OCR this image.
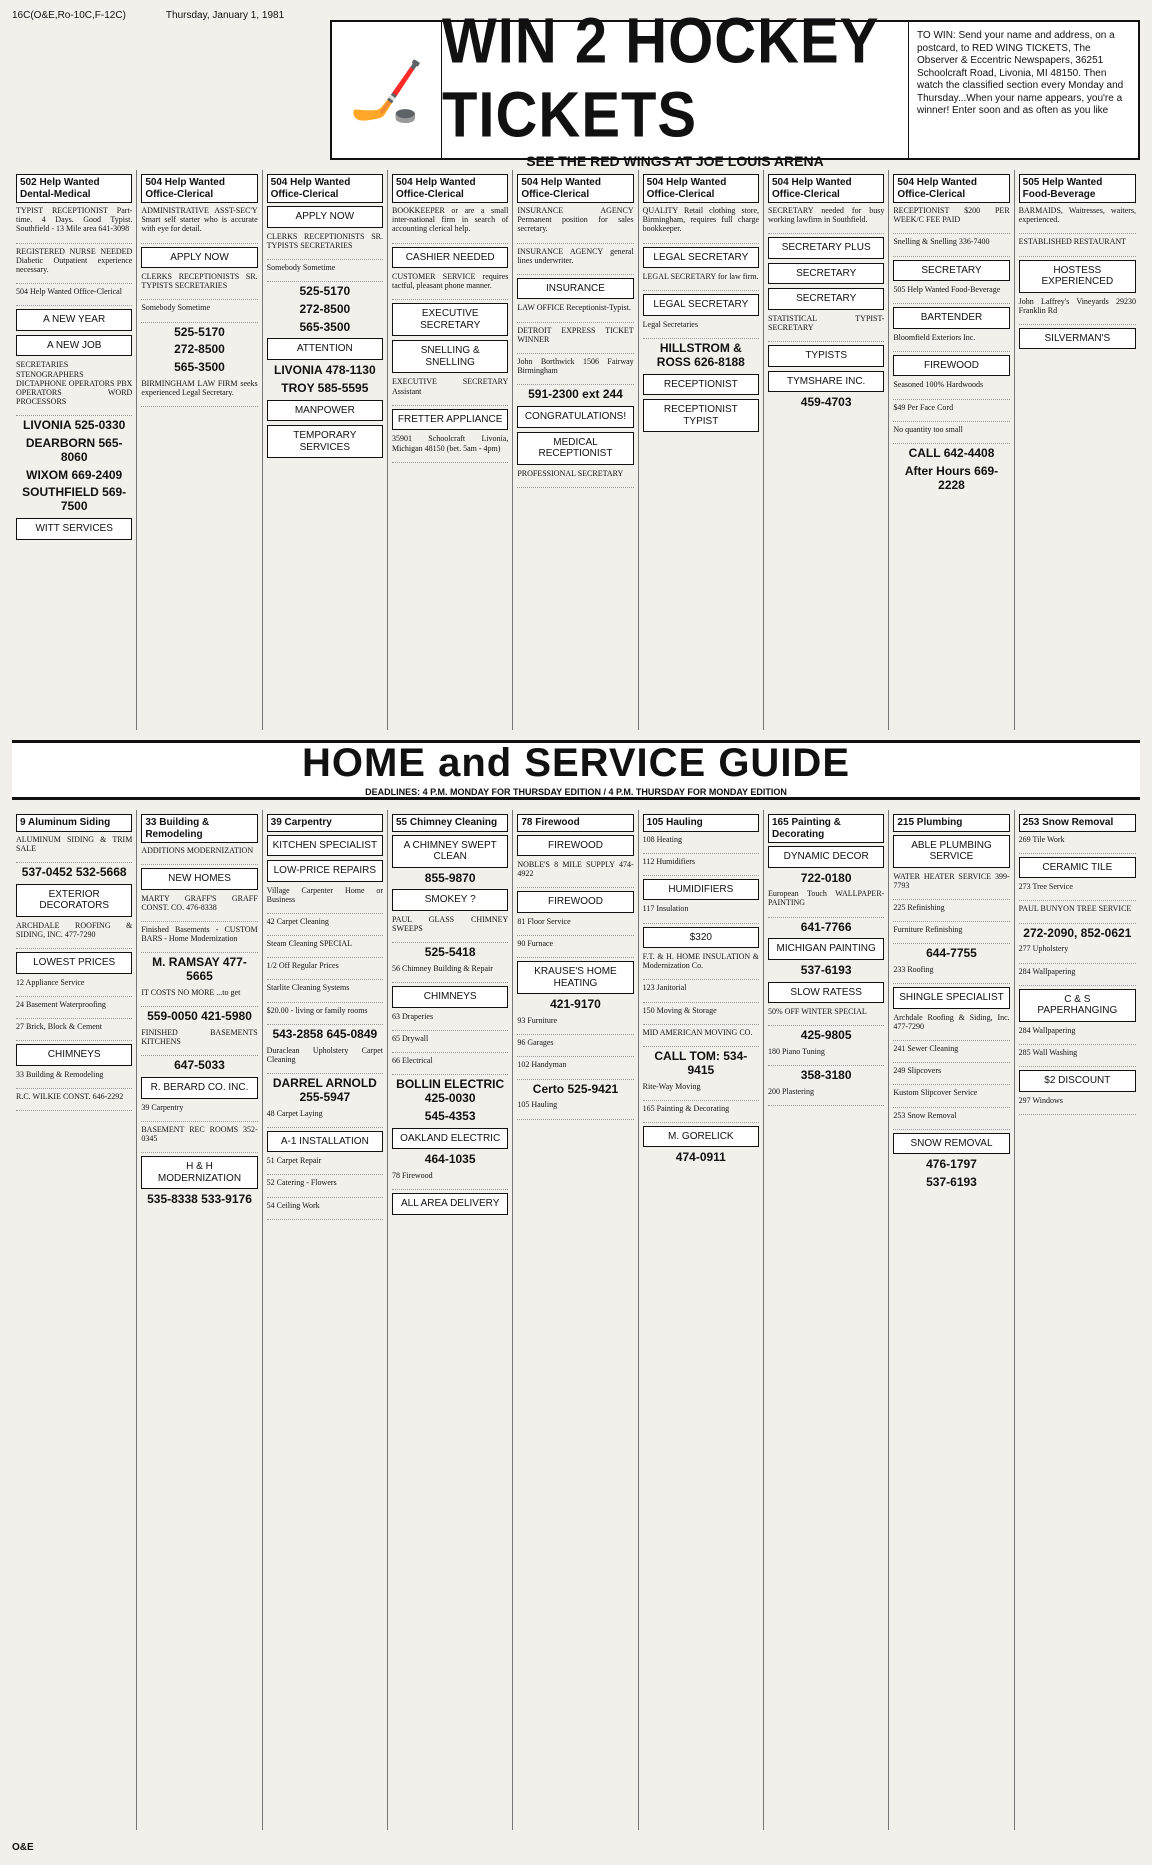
16C(O&E,Ro-10C,F-12C)	Thursday, January 1, 1981
🏒
WIN 2 HOCKEY TICKETS
SEE THE RED WINGS AT JOE LOUIS ARENA
TO WIN: Send your name and address, on a postcard, to RED WING TICKETS, The Observer & Eccentric Newspapers, 36251 Schoolcraft Road, Livonia, MI 48150. Then watch the classified section every Monday and Thursday...When your name appears, you're a winner! Enter soon and as often as you like
502 Help Wanted Dental-Medical
TYPIST RECEPTIONIST Part-time. 4 Days. Good Typist. Southfield - 13 Mile area 641-3098
REGISTERED NURSE NEEDED Diabetic Outpatient experience necessary.
504 Help Wanted Office-Clerical
A NEW YEAR
A NEW JOB
SECRETARIES STENOGRAPHERS DICTAPHONE OPERATORS PBX OPERATORS WORD PROCESSORS
LIVONIA 525-0330
DEARBORN 565-8060
WIXOM 669-2409
SOUTHFIELD 569-7500
WITT SERVICES
504 Help Wanted Office-Clerical
ADMINISTRATIVE ASST-SEC'Y Smart self starter who is accurate with eye for detail.
APPLY NOW
CLERKS RECEPTIONISTS SR. TYPISTS SECRETARIES
Somebody Sometime
525-5170
272-8500
565-3500
BIRMINGHAM LAW FIRM seeks experienced Legal Secretary.
504 Help Wanted Office-Clerical
APPLY NOW
CLERKS RECEPTIONISTS SR. TYPISTS SECRETARIES
Somebody Sometime
525-5170
272-8500
565-3500
ATTENTION
LIVONIA 478-1130
TROY 585-5595
MANPOWER
TEMPORARY SERVICES
504 Help Wanted Office-Clerical
BOOKKEEPER or are a small inter-national firm in search of accounting clerical help.
CASHIER NEEDED
CUSTOMER SERVICE requires tactful, pleasant phone manner.
EXECUTIVE SECRETARY
SNELLING & SNELLING
EXECUTIVE SECRETARY Assistant
FRETTER APPLIANCE
35901 Schoolcraft Livonia, Michigan 48150 (bet. 5am - 4pm)
504 Help Wanted Office-Clerical
INSURANCE AGENCY Permanent position for sales secretary.
INSURANCE AGENCY general lines underwriter.
INSURANCE
LAW OFFICE Receptionist-Typist.
DETROIT EXPRESS TICKET WINNER
John Borthwick 1506 Fairway Birmingham
591-2300 ext 244
CONGRATULATIONS!
MEDICAL RECEPTIONIST
PROFESSIONAL SECRETARY
504 Help Wanted Office-Clerical
QUALITY Retail clothing store, Birmingham, requires full charge bookkeeper.
LEGAL SECRETARY
LEGAL SECRETARY for law firm.
LEGAL SECRETARY
Legal Secretaries
HILLSTROM & ROSS 626-8188
RECEPTIONIST
RECEPTIONIST TYPIST
504 Help Wanted Office-Clerical
SECRETARY needed for busy working lawfirm in Southfield.
SECRETARY PLUS
SECRETARY
SECRETARY
STATISTICAL TYPIST-SECRETARY
TYPISTS
TYMSHARE INC.
459-4703
504 Help Wanted Office-Clerical
RECEPTIONIST $200 PER WEEK/C FEE PAID
Snelling & Snelling 336-7400
SECRETARY
505 Help Wanted Food-Beverage
BARTENDER
Bloomfield Exteriors Inc.
FIREWOOD
Seasoned 100% Hardwoods
$49 Per Face Cord
No quantity too small
CALL 642-4408
After Hours 669-2228
505 Help Wanted Food-Beverage
BARMAIDS, Waitresses, waiters, experienced.
ESTABLISHED RESTAURANT
HOSTESS EXPERIENCED
John Laffrey's Vineyards 29230 Franklin Rd
SILVERMAN'S
HOME and SERVICE GUIDE
DEADLINES: 4 P.M. MONDAY FOR THURSDAY EDITION / 4 P.M. THURSDAY FOR MONDAY EDITION
9 Aluminum Siding
ALUMINUM SIDING & TRIM SALE
537-0452 532-5668
EXTERIOR DECORATORS
ARCHDALE ROOFING & SIDING, INC. 477-7290
LOWEST PRICES
12 Appliance Service
24 Basement Waterproofing
27 Brick, Block & Cement
CHIMNEYS
33 Building & Remodeling
R.C. WILKIE CONST. 646-2292
33 Building & Remodeling
ADDITIONS MODERNIZATION
NEW HOMES
MARTY GRAFF'S GRAFF CONST. CO. 476-8338
Finished Basements - CUSTOM BARS - Home Modernization
M. RAMSAY 477-5665
IT COSTS NO MORE ...to get
559-0050 421-5980
FINISHED BASEMENTS KITCHENS
647-5033
R. BERARD CO. INC.
39 Carpentry
BASEMENT REC ROOMS 352-0345
H & H MODERNIZATION
535-8338 533-9176
39 Carpentry
KITCHEN SPECIALIST
LOW-PRICE REPAIRS
Village Carpenter Home or Business
42 Carpet Cleaning
Steam Cleaning SPECIAL
1/2 Off Regular Prices
Starlite Cleaning Systems
$20.00 - living or family rooms
543-2858 645-0849
Duraclean Upholstery Carpet Cleaning
DARREL ARNOLD 255-5947
48 Carpet Laying
A-1 INSTALLATION
51 Carpet Repair
52 Catering - Flowers
54 Ceiling Work
55 Chimney Cleaning
A CHIMNEY SWEPT CLEAN
855-9870
SMOKEY ?
PAUL GLASS CHIMNEY SWEEPS
525-5418
56 Chimney Building & Repair
CHIMNEYS
63 Draperies
65 Drywall
66 Electrical
BOLLIN ELECTRIC 425-0030
545-4353
OAKLAND ELECTRIC
464-1035
78 Firewood
ALL AREA DELIVERY
78 Firewood
FIREWOOD
NOBLE'S 8 MILE SUPPLY 474-4922
FIREWOOD
81 Floor Service
90 Furnace
KRAUSE'S HOME HEATING
421-9170
93 Furniture
96 Garages
102 Handyman
Certo 525-9421
105 Hauling
105 Hauling
108 Heating
112 Humidifiers
HUMIDIFIERS
117 Insulation
$320
F.T. & H. HOME INSULATION & Modernization Co.
123 Janitorial
150 Moving & Storage
MID AMERICAN MOVING CO.
CALL TOM: 534-9415
Rite-Way Moving
165 Painting & Decorating
M. GORELICK
474-0911
165 Painting & Decorating
DYNAMIC DECOR
722-0180
European Touch WALLPAPER-PAINTING
641-7766
MICHIGAN PAINTING
537-6193
SLOW RATESS
50% OFF WINTER SPECIAL
425-9805
180 Piano Tuning
358-3180
200 Plastering
215 Plumbing
ABLE PLUMBING SERVICE
WATER HEATER SERVICE 399-7793
225 Refinishing
Furniture Refinishing
644-7755
233 Roofing
SHINGLE SPECIALIST
Archdale Roofing & Siding, Inc. 477-7290
241 Sewer Cleaning
249 Slipcovers
Kustom Slipcover Service
253 Snow Removal
SNOW REMOVAL
476-1797
537-6193
253 Snow Removal
269 Tile Work
CERAMIC TILE
273 Tree Service
PAUL BUNYON TREE SERVICE
272-2090, 852-0621
277 Upholstery
284 Wallpapering
C & S PAPERHANGING
284 Wallpapering
285 Wall Washing
$2 DISCOUNT
297 Windows
O&E
